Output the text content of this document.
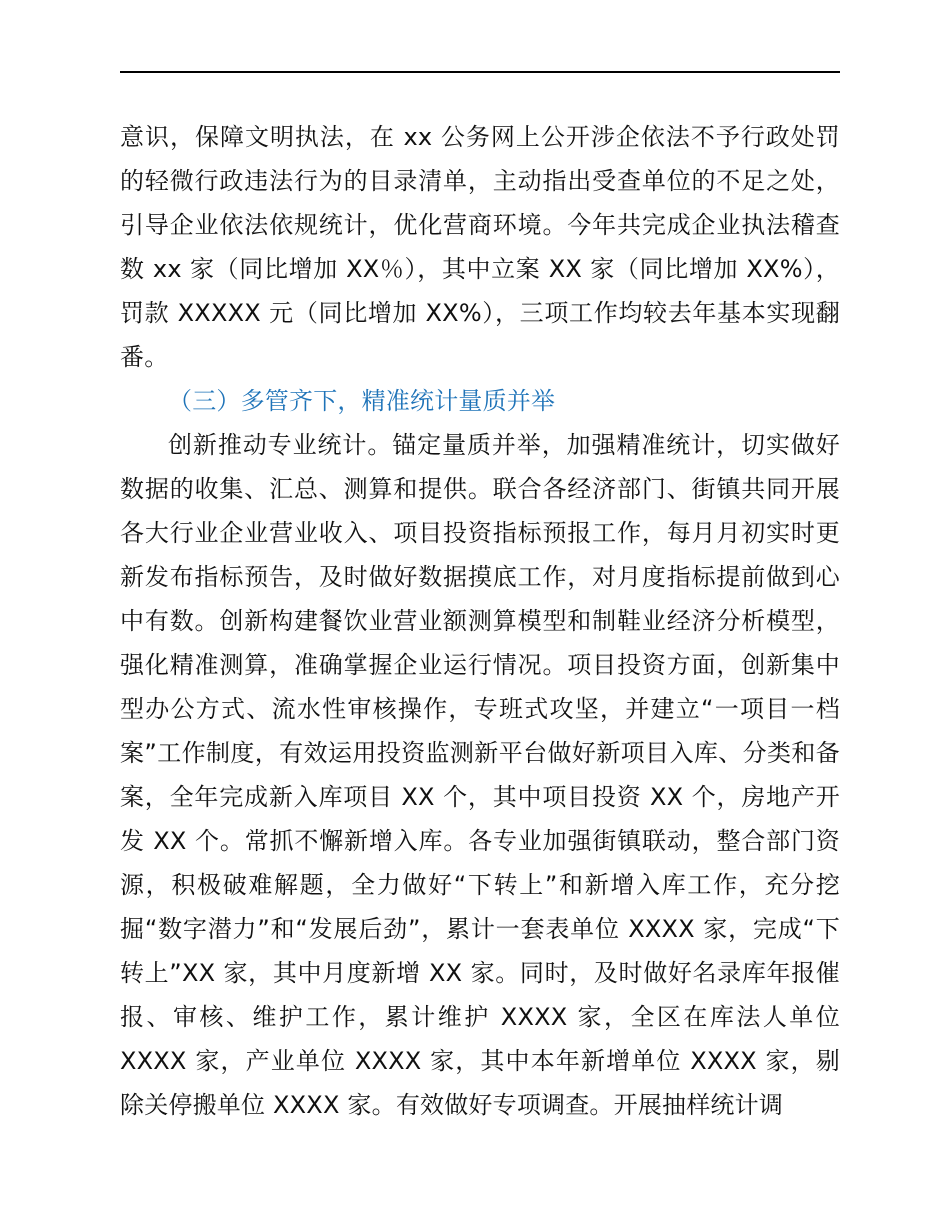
意识，保障文明执法，在 xx 公务网上公开涉企依法不予行政处罚的轻微行政违法行为的目录清单，主动指出受查单位的不足之处，引导企业依法依规统计，优化营商环境。今年共完成企业执法稽查数 xx 家（同比增加 XX％），其中立案 XX 家（同比增加 XX%），罚款 XXXXX 元（同比增加 XX%），三项工作均较去年基本实现翻番。

（三）多管齐下，精准统计量质并举

创新推动专业统计。锚定量质并举，加强精准统计，切实做好数据的收集、汇总、测算和提供。联合各经济部门、街镇共同开展各大行业企业营业收入、项目投资指标预报工作，每月月初实时更新发布指标预告，及时做好数据摸底工作，对月度指标提前做到心中有数。创新构建餐饮业营业额测算模型和制鞋业经济分析模型，强化精准测算，准确掌握企业运行情况。项目投资方面，创新集中型办公方式、流水性审核操作，专班式攻坚，并建立“一项目一档案”工作制度，有效运用投资监测新平台做好新项目入库、分类和备案，全年完成新入库项目 XX 个，其中项目投资 XX 个，房地产开发 XX 个。常抓不懈新增入库。各专业加强街镇联动，整合部门资源，积极破难解题，全力做好“下转上”和新增入库工作，充分挖掘“数字潜力”和“发展后劲”，累计一套表单位 XXXX 家，完成“下转上”XX 家，其中月度新增 XX 家。同时，及时做好名录库年报催报、审核、维护工作，累计维护 XXXX 家，全区在库法人单位 XXXX 家，产业单位 XXXX 家，其中本年新增单位 XXXX 家，剔除关停搬单位 XXXX 家。有效做好专项调查。开展抽样统计调
